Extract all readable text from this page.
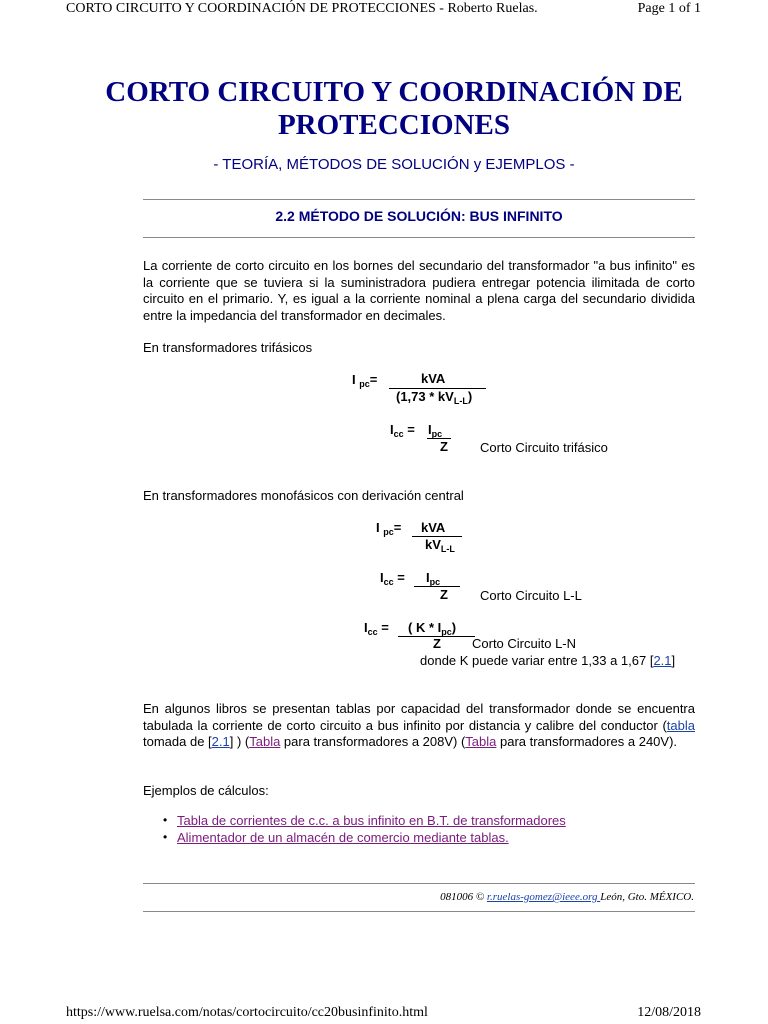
CORTO CIRCUITO Y COORDINACIÓN DE PROTECCIONES - Roberto Ruelas.	Page 1 of 1
CORTO CIRCUITO Y COORDINACIÓN DE
PROTECCIONES
- TEORÍA, MÉTODOS DE SOLUCIÓN y EJEMPLOS -
2.2 MÉTODO DE SOLUCIÓN: BUS INFINITO
La corriente de corto circuito en los bornes del secundario del transformador "a bus infinito" es la corriente que se tuviera si la suministradora pudiera entregar potencia ilimitada de corto circuito en el primario. Y, es igual a la corriente nominal a plena carga del secundario dividida entre la impedancia del transformador en decimales.
En transformadores trifásicos
I $_{pc}$=	kVA
$(1,73 * kV_{L-L})$
$I_{cc} = I_{pc}$
Z Corto Circuito trifásico
En transformadores monofásicos con derivación central
I $_{pc}$= kVA
$kV_{L-L}$
$I_{cc} = I_{pc}$
Z Corto Circuito L-L
$I_{cc}$ = ( K * $I_{pc}$)
Z Corto Circuito L-N
donde K puede variar entre 1,33 a 1,67 [2.1]
En algunos libros se presentan tablas por capacidad del transformador donde se encuentra tabulada la corriente de corto circuito a bus infinito por distancia y calibre del conductor (tabla tomada de [2.1] ) (Tabla para transformadores a 208V) (Tabla para transformadores a 240V).
Ejemplos de cálculos:
• Tabla de corrientes de c.c. a bus infinito en B.T. de transformadores
• Alimentador de un almacén de comercio mediante tablas.
081006 © r.ruelas-gomez@ieee.org León, Gto. MÉXICO.
https://www.ruelsa.com/notas/cortocircuito/cc20businfinito.html	12/08/2018
